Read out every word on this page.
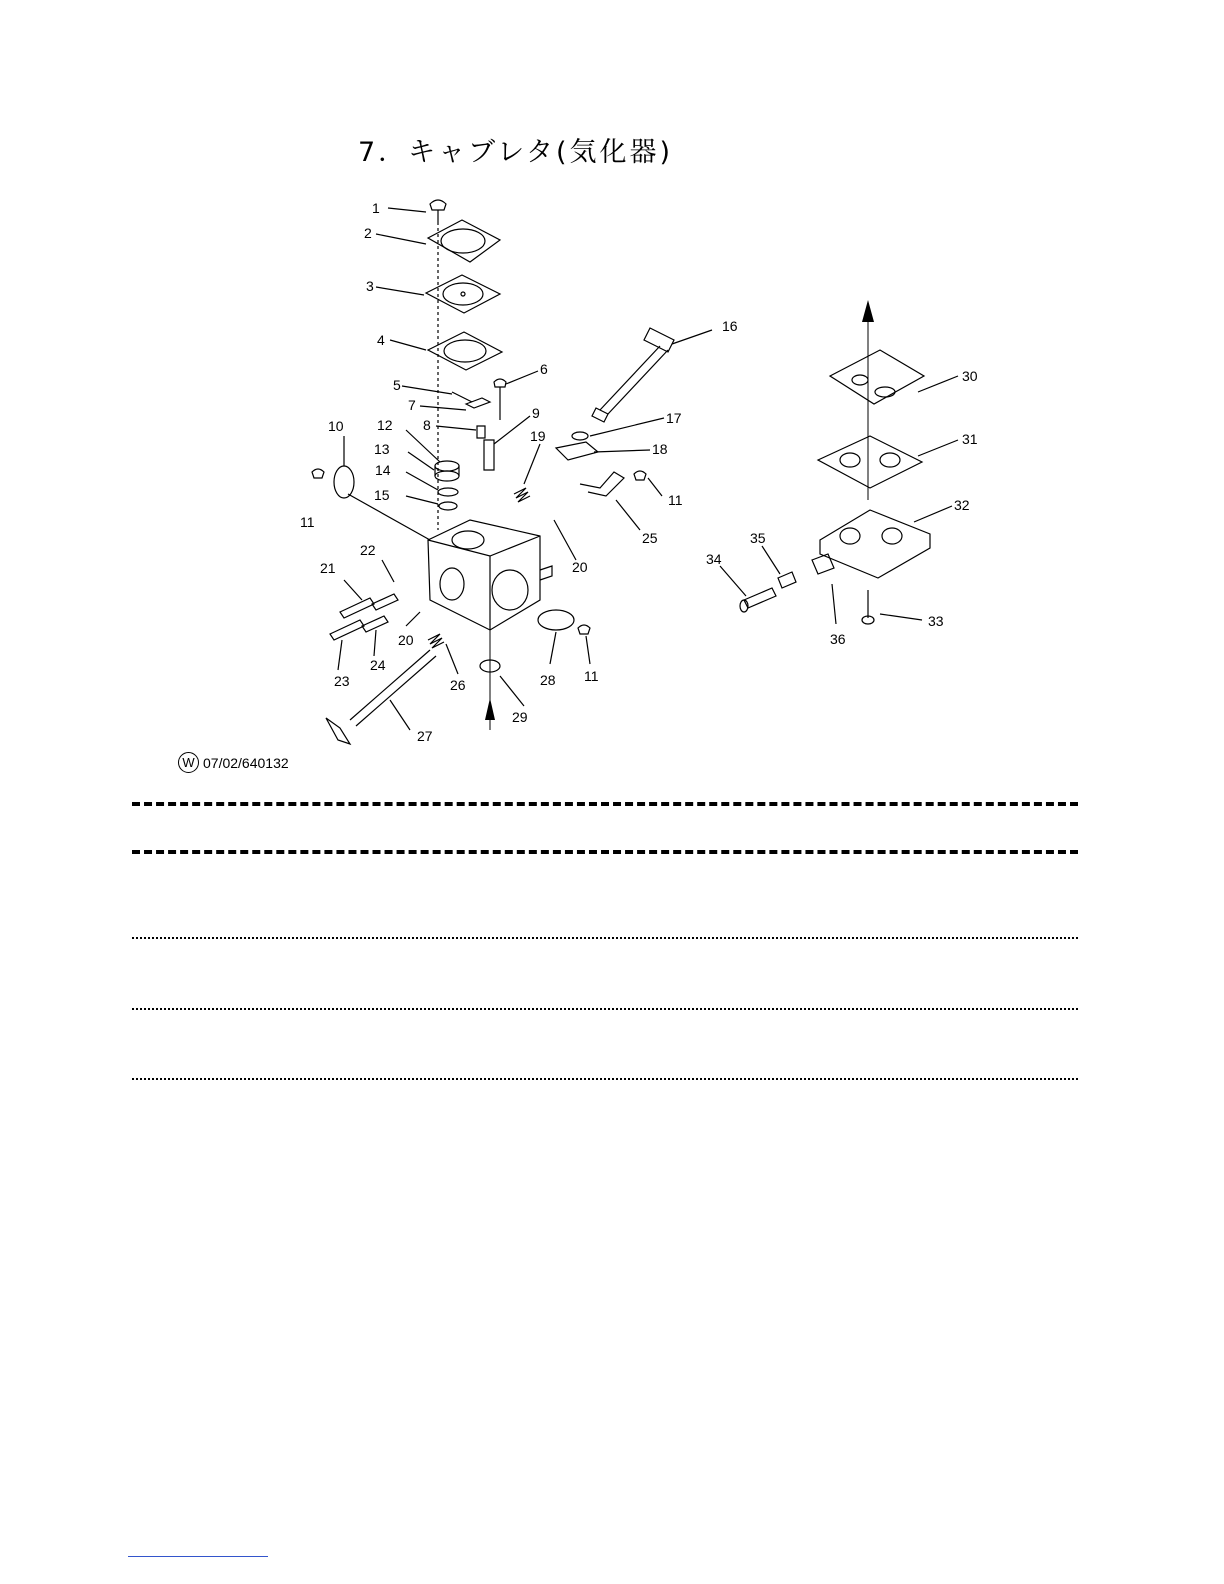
7．キャブレタ(気化器)
1
2
3
4
5
6
7
8
9
10
11
12
13
14
15
16
17
18
19
20
21
22
23
24
25
26
27
28
29
30
31
32
33
34
35
36
11
11
20
W 07/02/640132
